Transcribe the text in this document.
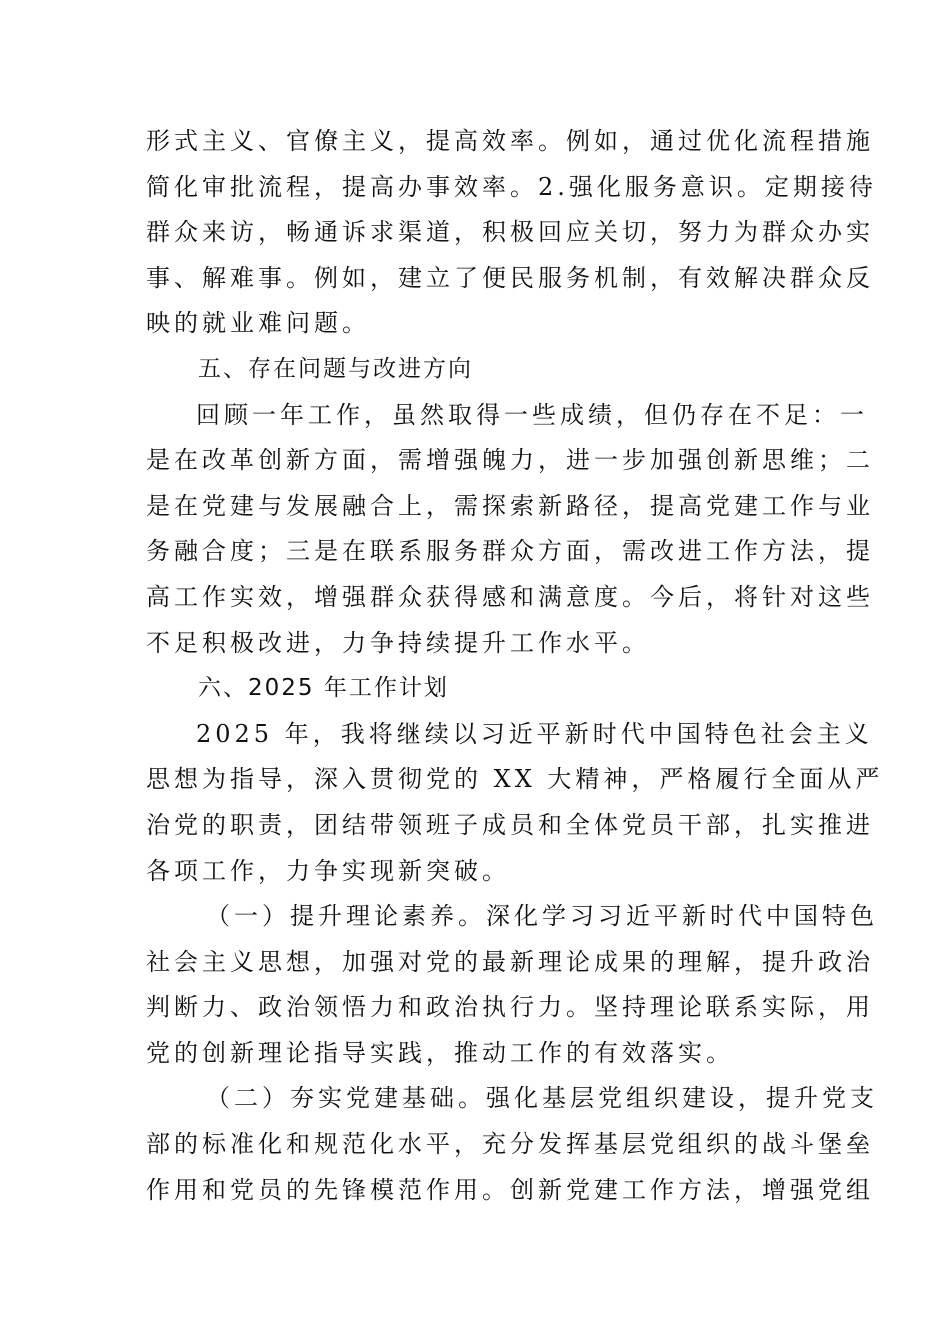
形式主义、官僚主义，提高效率。例如，通过优化流程措施
简化审批流程，提高办事效率。2.强化服务意识。定期接待
群众来访，畅通诉求渠道，积极回应关切，努力为群众办实
事、解难事。例如，建立了便民服务机制，有效解决群众反
映的就业难问题。
五、存在问题与改进方向
回顾一年工作，虽然取得一些成绩，但仍存在不足：一
是在改革创新方面，需增强魄力，进一步加强创新思维；二
是在党建与发展融合上，需探索新路径，提高党建工作与业
务融合度；三是在联系服务群众方面，需改进工作方法，提
高工作实效，增强群众获得感和满意度。今后，将针对这些
不足积极改进，力争持续提升工作水平。
六、2025 年工作计划
2025 年，我将继续以习近平新时代中国特色社会主义
思想为指导，深入贯彻党的 XX 大精神，严格履行全面从严
治党的职责，团结带领班子成员和全体党员干部，扎实推进
各项工作，力争实现新突破。
（一）提升理论素养。深化学习习近平新时代中国特色
社会主义思想，加强对党的最新理论成果的理解，提升政治
判断力、政治领悟力和政治执行力。坚持理论联系实际，用
党的创新理论指导实践，推动工作的有效落实。
（二）夯实党建基础。强化基层党组织建设，提升党支
部的标准化和规范化水平，充分发挥基层党组织的战斗堡垒
作用和党员的先锋模范作用。创新党建工作方法，增强党组
